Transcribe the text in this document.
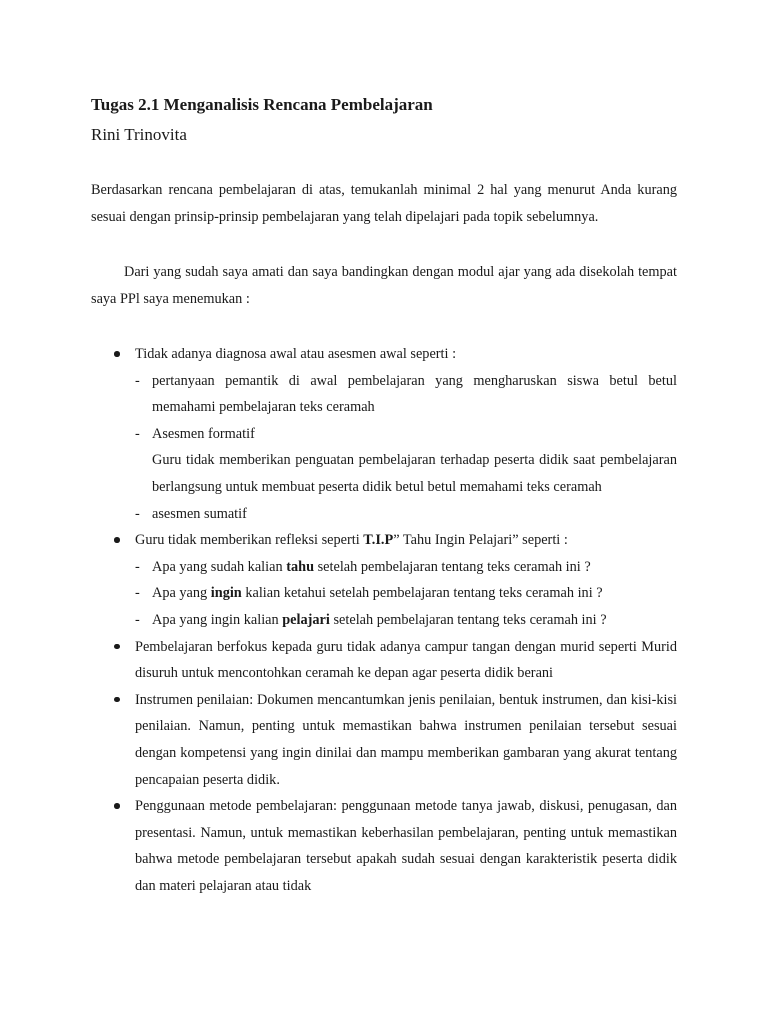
Tugas 2.1 Menganalisis Rencana Pembelajaran

Rini Trinovita

Berdasarkan rencana pembelajaran di atas, temukanlah minimal 2 hal yang menurut Anda kurang sesuai dengan prinsip-prinsip pembelajaran yang telah dipelajari pada topik sebelumnya.

Dari yang sudah saya amati dan saya bandingkan dengan modul ajar yang ada disekolah tempat saya PPl saya menemukan :

Tidak adanya diagnosa awal atau asesmen awal seperti :
- pertanyaan pemantik di awal pembelajaran yang mengharuskan siswa betul betul memahami pembelajaran teks ceramah
- Asesmen formatif
Guru tidak memberikan penguatan pembelajaran terhadap peserta didik saat pembelajaran berlangsung untuk membuat peserta didik betul betul memahami teks ceramah
- asesmen sumatif
Guru tidak memberikan refleksi seperti T.I.P” Tahu Ingin Pelajari” seperti :
- Apa yang sudah kalian tahu setelah pembelajaran tentang teks ceramah ini ?
- Apa yang ingin kalian ketahui setelah pembelajaran tentang teks ceramah ini ?
- Apa yang ingin kalian pelajari setelah pembelajaran tentang teks ceramah ini ?
Pembelajaran berfokus kepada guru tidak adanya campur tangan dengan murid seperti Murid disuruh untuk mencontohkan ceramah ke depan agar peserta didik berani
Instrumen penilaian: Dokumen mencantumkan jenis penilaian, bentuk instrumen, dan kisi-kisi penilaian. Namun, penting untuk memastikan bahwa instrumen penilaian tersebut sesuai dengan kompetensi yang ingin dinilai dan mampu memberikan gambaran yang akurat tentang pencapaian peserta didik.
Penggunaan metode pembelajaran: penggunaan metode tanya jawab, diskusi, penugasan, dan presentasi. Namun, untuk memastikan keberhasilan pembelajaran, penting untuk memastikan bahwa metode pembelajaran tersebut apakah sudah sesuai dengan karakteristik peserta didik dan materi pelajaran atau tidak
